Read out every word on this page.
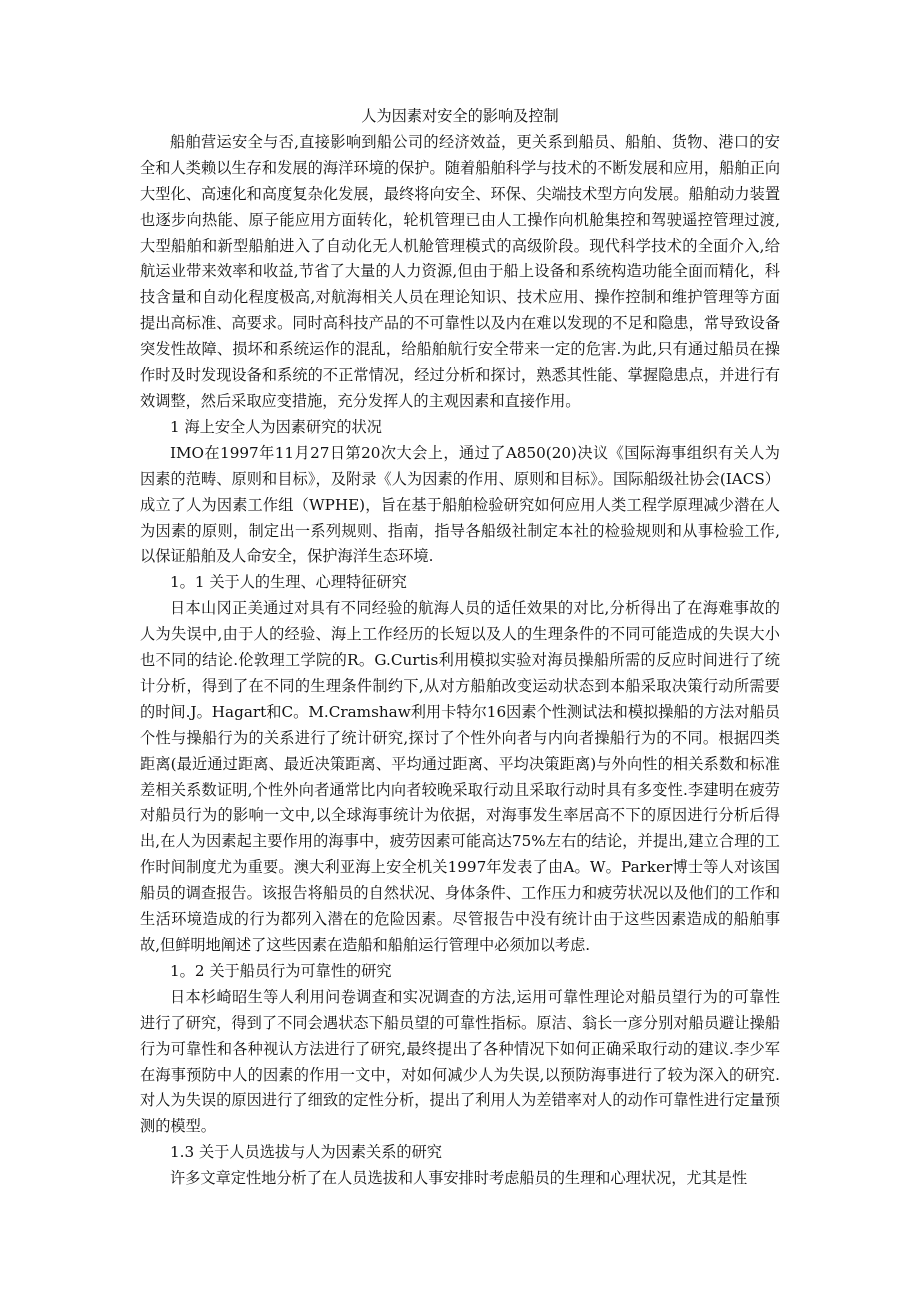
人为因素对安全的影响及控制

船舶营运安全与否,直接影响到船公司的经济效益，更关系到船员、船舶、货物、港口的安全和人类赖以生存和发展的海洋环境的保护。随着船舶科学与技术的不断发展和应用，船舶正向大型化、高速化和高度复杂化发展，最终将向安全、环保、尖端技术型方向发展。船舶动力装置也逐步向热能、原子能应用方面转化，轮机管理已由人工操作向机舱集控和驾驶遥控管理过渡,大型船舶和新型船舶进入了自动化无人机舱管理模式的高级阶段。现代科学技术的全面介入,给航运业带来效率和收益,节省了大量的人力资源,但由于船上设备和系统构造功能全面而精化，科技含量和自动化程度极高,对航海相关人员在理论知识、技术应用、操作控制和维护管理等方面提出高标准、高要求。同时高科技产品的不可靠性以及内在难以发现的不足和隐患，常导致设备突发性故障、损坏和系统运作的混乱，给船舶航行安全带来一定的危害.为此,只有通过船员在操作时及时发现设备和系统的不正常情况，经过分析和探讨，熟悉其性能、掌握隐患点，并进行有效调整，然后采取应变措施，充分发挥人的主观因素和直接作用。

1 海上安全人为因素研究的状况

IMO在1997年11月27日第20次大会上，通过了A850(20)决议《国际海事组织有关人为因素的范畴、原则和目标》，及附录《人为因素的作用、原则和目标》。国际船级社协会(IACS）成立了人为因素工作组（WPHE)，旨在基于船舶检验研究如何应用人类工程学原理减少潜在人为因素的原则，制定出一系列规则、指南，指导各船级社制定本社的检验规则和从事检验工作,以保证船舶及人命安全，保护海洋生态环境.

1。1 关于人的生理、心理特征研究

日本山冈正美通过对具有不同经验的航海人员的适任效果的对比,分析得出了在海难事故的人为失误中,由于人的经验、海上工作经历的长短以及人的生理条件的不同可能造成的失误大小也不同的结论.伦敦理工学院的R。G.Curtis利用模拟实验对海员操船所需的反应时间进行了统计分析，得到了在不同的生理条件制约下,从对方船舶改变运动状态到本船采取决策行动所需要的时间.J。Hagart和C。M.Cramshaw利用卡特尔16因素个性测试法和模拟操船的方法对船员个性与操船行为的关系进行了统计研究,探讨了个性外向者与内向者操船行为的不同。根据四类距离(最近通过距离、最近决策距离、平均通过距离、平均决策距离)与外向性的相关系数和标准差相关系数证明,个性外向者通常比内向者较晚采取行动且采取行动时具有多变性.李建明在疲劳对船员行为的影响一文中,以全球海事统计为依据，对海事发生率居高不下的原因进行分析后得出,在人为因素起主要作用的海事中，疲劳因素可能高达75%左右的结论，并提出,建立合理的工作时间制度尤为重要。澳大利亚海上安全机关1997年发表了由A。W。Parker博士等人对该国船员的调查报告。该报告将船员的自然状况、身体条件、工作压力和疲劳状况以及他们的工作和生活环境造成的行为都列入潜在的危险因素。尽管报告中没有统计由于这些因素造成的船舶事故,但鲜明地阐述了这些因素在造船和船舶运行管理中必须加以考虑.

1。2 关于船员行为可靠性的研究

日本杉崎昭生等人利用问卷调查和实况调查的方法,运用可靠性理论对船员望行为的可靠性进行了研究，得到了不同会遇状态下船员望的可靠性指标。原洁、翁长一彦分别对船员避让操船行为可靠性和各种视认方法进行了研究,最终提出了各种情况下如何正确采取行动的建议.李少军在海事预防中人的因素的作用一文中，对如何减少人为失误,以预防海事进行了较为深入的研究.对人为失误的原因进行了细致的定性分析，提出了利用人为差错率对人的动作可靠性进行定量预测的模型。

1.3 关于人员选拔与人为因素关系的研究

许多文章定性地分析了在人员选拔和人事安排时考虑船员的生理和心理状况，尤其是性
